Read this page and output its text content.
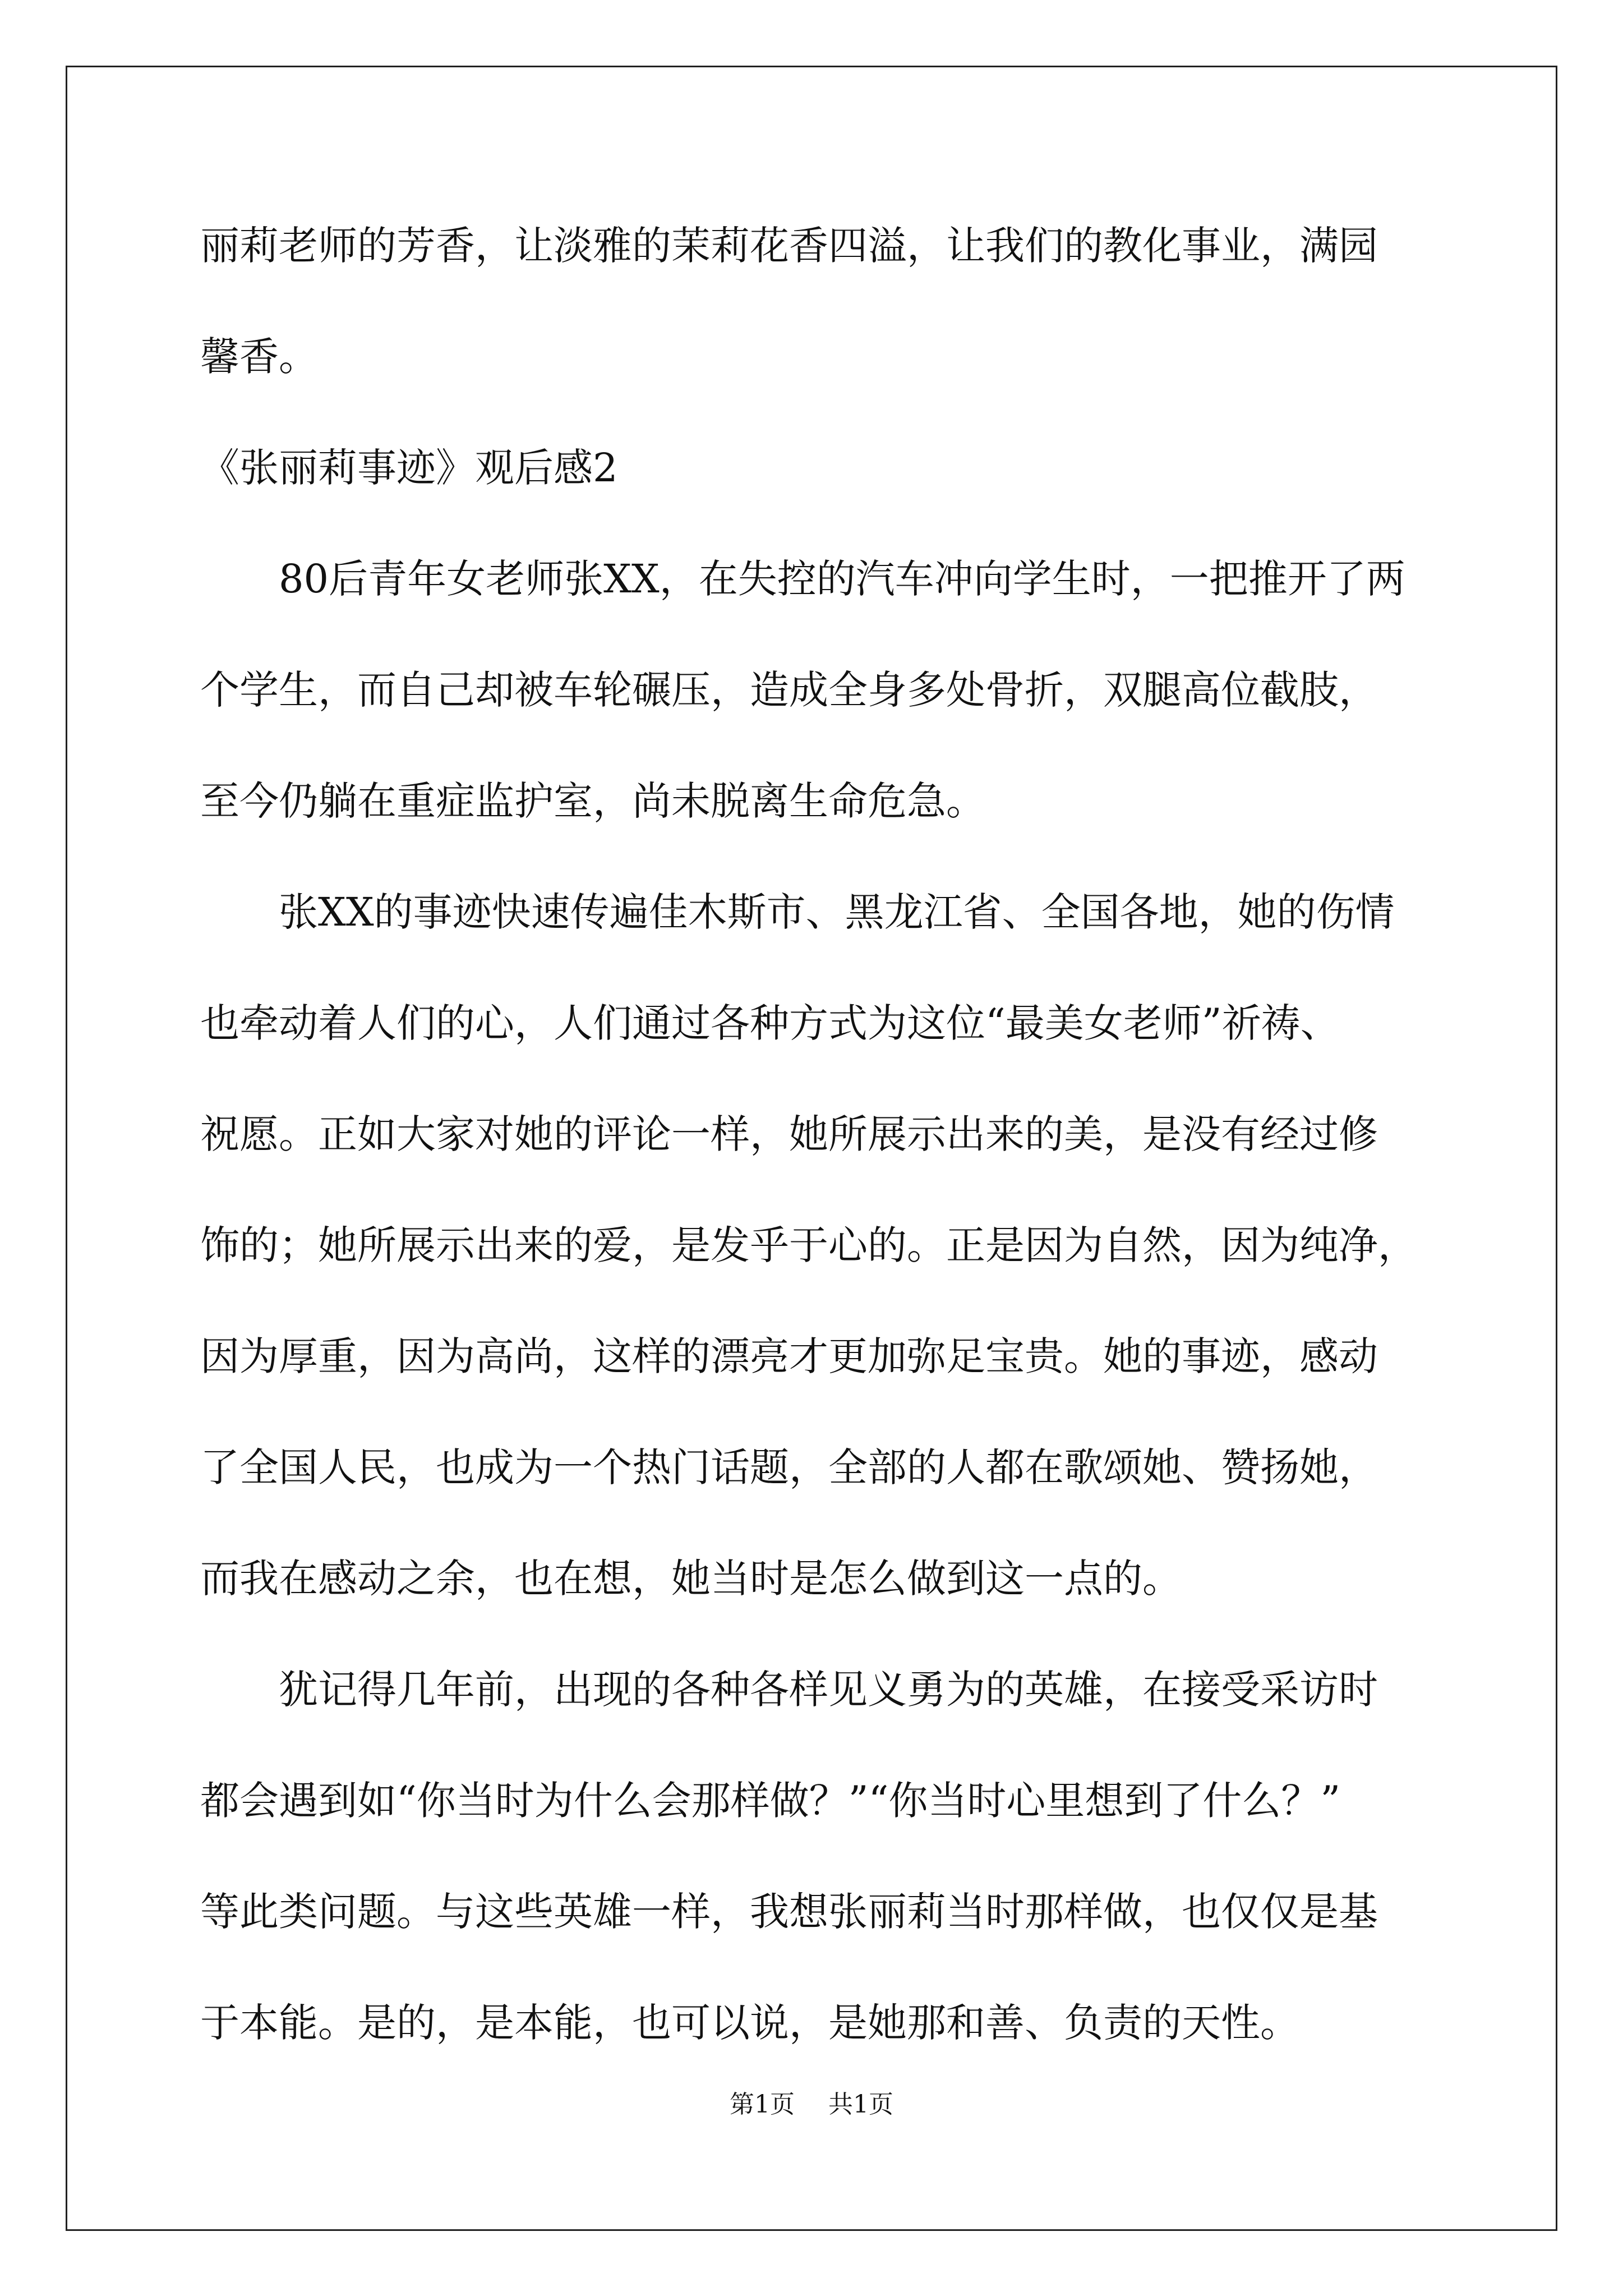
丽莉老师的芳香，让淡雅的茉莉花香四溢，让我们的教化事业，满园
馨香。
《张丽莉事迹》观后感2
80后青年女老师张XX，在失控的汽车冲向学生时，一把推开了两
个学生，而自己却被车轮碾压，造成全身多处骨折，双腿高位截肢，
至今仍躺在重症监护室，尚未脱离生命危急。
张XX的事迹快速传遍佳木斯市、黑龙江省、全国各地，她的伤情
也牵动着人们的心，人们通过各种方式为这位“最美女老师”祈祷、
祝愿。正如大家对她的评论一样，她所展示出来的美，是没有经过修
饰的；她所展示出来的爱，是发乎于心的。正是因为自然，因为纯净，
因为厚重，因为高尚，这样的漂亮才更加弥足宝贵。她的事迹，感动
了全国人民，也成为一个热门话题，全部的人都在歌颂她、赞扬她，
而我在感动之余，也在想，她当时是怎么做到这一点的。
犹记得几年前，出现的各种各样见义勇为的英雄，在接受采访时
都会遇到如“你当时为什么会那样做？”“你当时心里想到了什么？”
等此类问题。与这些英雄一样，我想张丽莉当时那样做，也仅仅是基
于本能。是的，是本能，也可以说，是她那和善、负责的天性。
第1页 共1页
